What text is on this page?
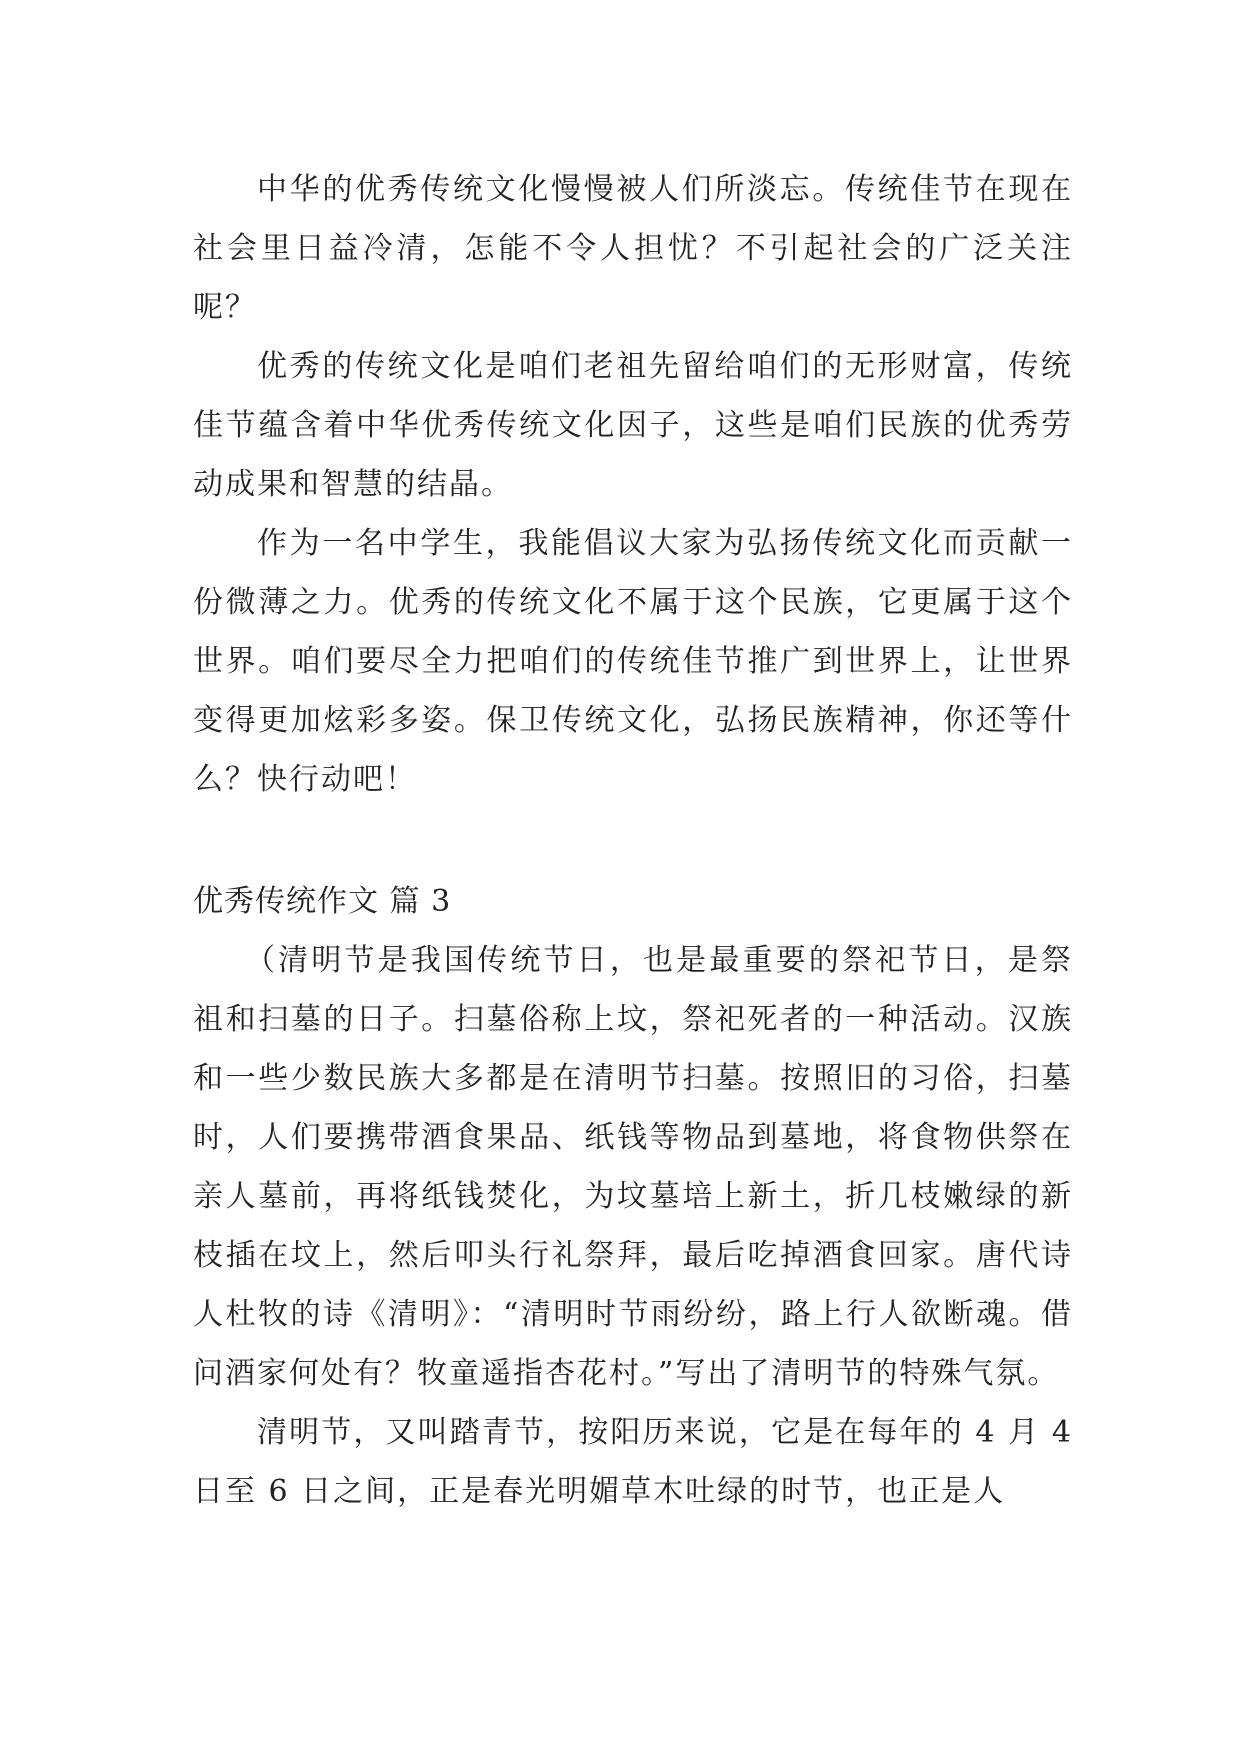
中华的优秀传统文化慢慢被人们所淡忘。传统佳节在现在社会里日益冷清，怎能不令人担忧？不引起社会的广泛关注呢？

优秀的传统文化是咱们老祖先留给咱们的无形财富，传统佳节蕴含着中华优秀传统文化因子，这些是咱们民族的优秀劳动成果和智慧的结晶。

作为一名中学生，我能倡议大家为弘扬传统文化而贡献一份微薄之力。优秀的传统文化不属于这个民族，它更属于这个世界。咱们要尽全力把咱们的传统佳节推广到世界上，让世界变得更加炫彩多姿。保卫传统文化，弘扬民族精神，你还等什么？快行动吧！

优秀传统作文 篇 3

（清明节是我国传统节日，也是最重要的祭祀节日，是祭祖和扫墓的日子。扫墓俗称上坟，祭祀死者的一种活动。汉族和一些少数民族大多都是在清明节扫墓。按照旧的习俗，扫墓时，人们要携带酒食果品、纸钱等物品到墓地，将食物供祭在亲人墓前，再将纸钱焚化，为坟墓培上新土，折几枝嫩绿的新枝插在坟上，然后叩头行礼祭拜，最后吃掉酒食回家。唐代诗人杜牧的诗《清明》：“清明时节雨纷纷，路上行人欲断魂。借问酒家何处有？牧童遥指杏花村。”写出了清明节的特殊气氛。

清明节，又叫踏青节，按阳历来说，它是在每年的 4 月 4 日至 6 日之间，正是春光明媚草木吐绿的时节，也正是人
